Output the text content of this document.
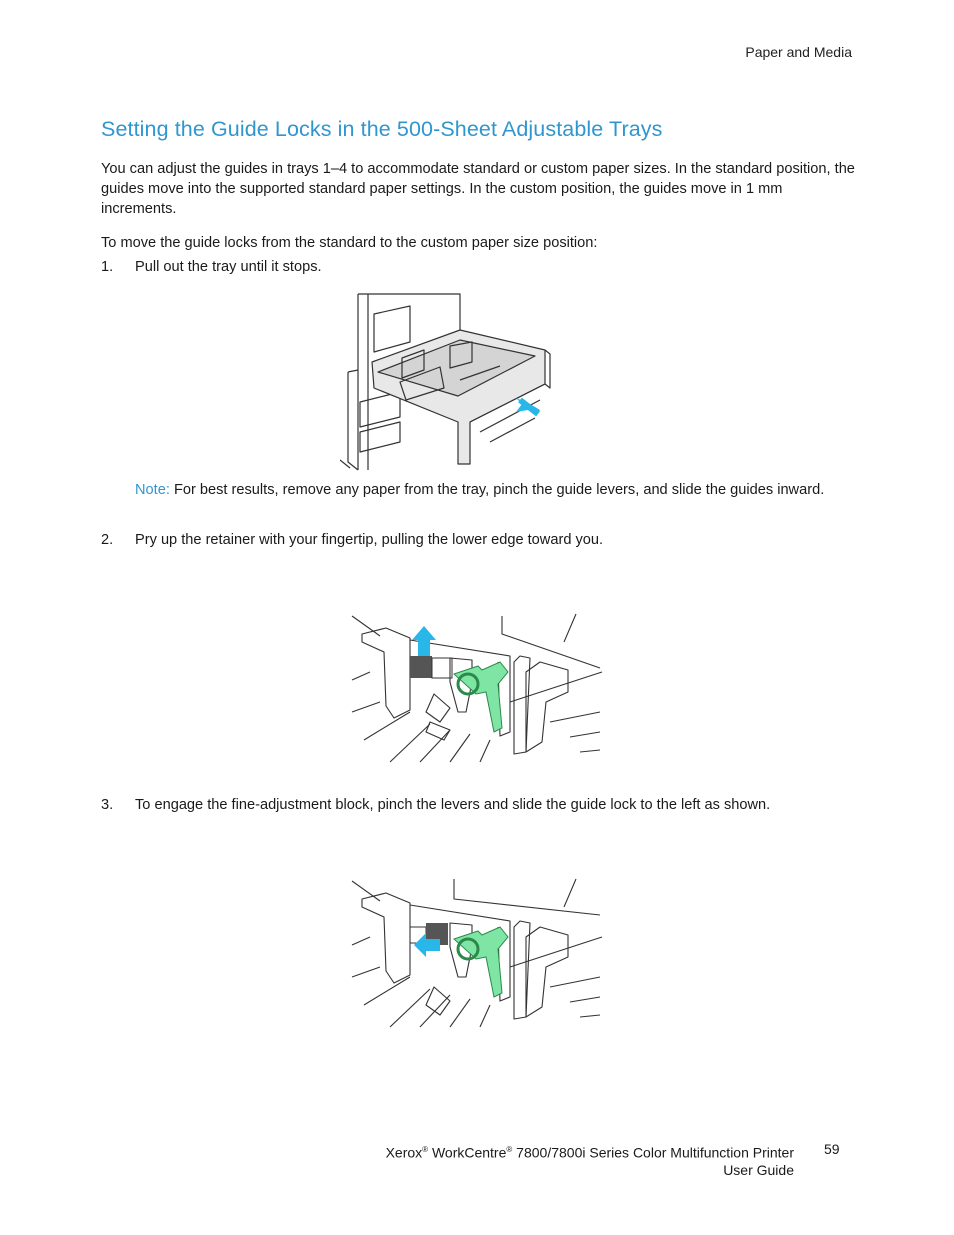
Paper and Media
Setting the Guide Locks in the 500-Sheet Adjustable Trays

You can adjust the guides in trays 1–4 to accommodate standard or custom paper sizes. In the standard position, the guides move into the supported standard paper settings. In the custom position, the guides move in 1 mm increments.

To move the guide locks from the standard to the custom paper size position:

1. Pull out the tray until it stops.
Note: For best results, remove any paper from the tray, pinch the guide levers, and slide the guides inward.
2. Pry up the retainer with your fingertip, pulling the lower edge toward you.
3. To engage the fine-adjustment block, pinch the levers and slide the guide lock to the left as shown.
Xerox® WorkCentre® 7800/7800i Series Color Multifunction Printer
User Guide
59
